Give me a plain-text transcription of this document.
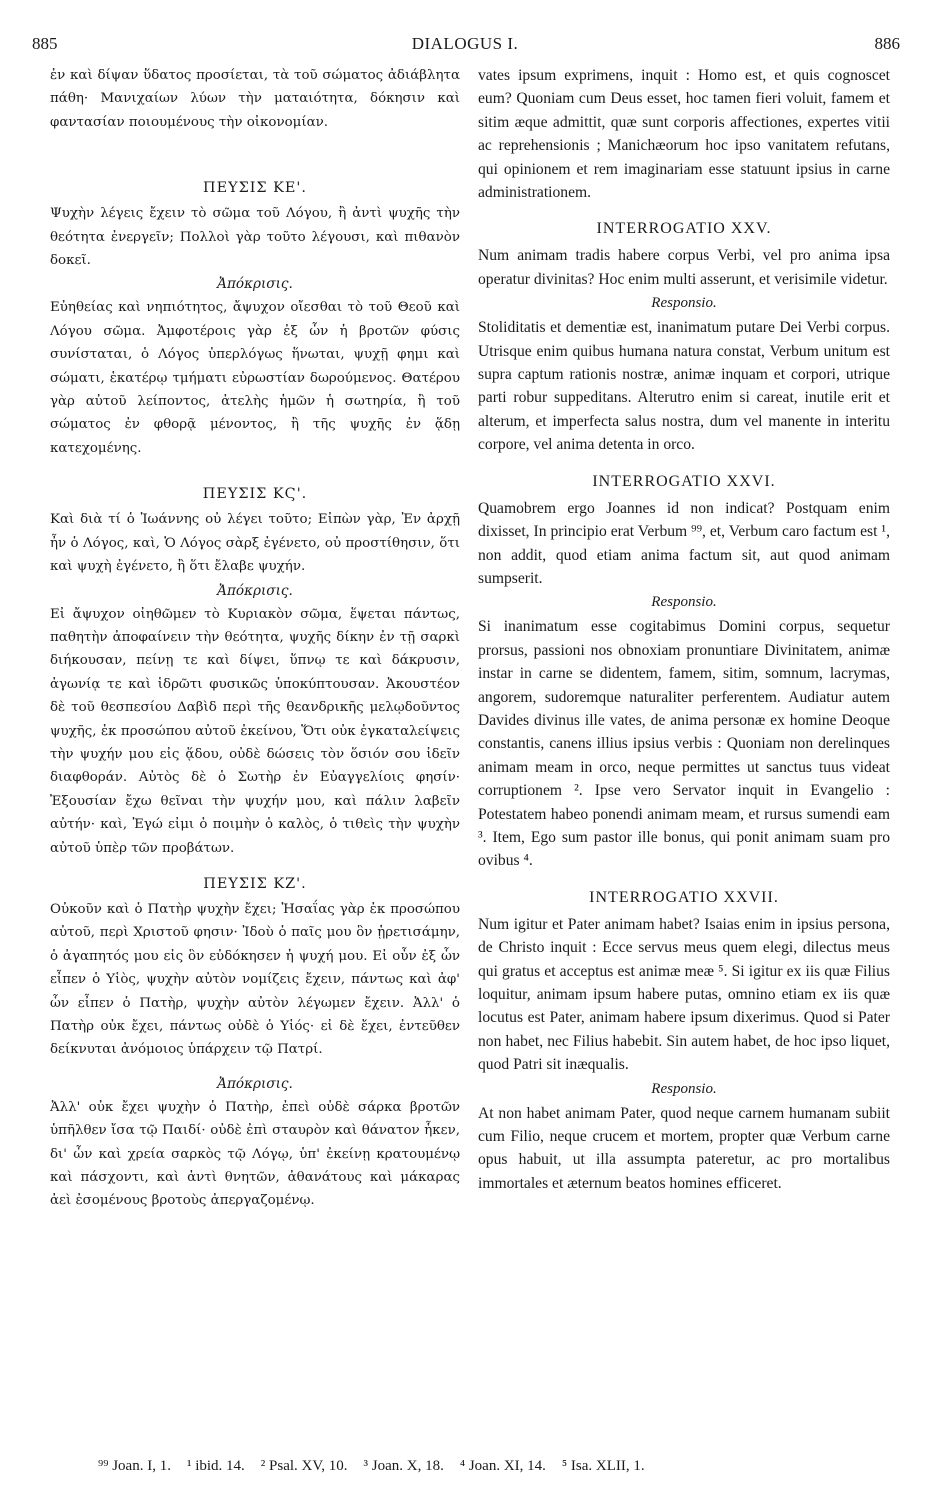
885	DIALOGUS I.	886

ἐν καὶ δίψαν ὕδατος προσίεται, τὰ τοῦ σώματος ἀδιάβλητα πάθη· Μανιχαίων λύων τὴν ματαιότητα, δόκησιν καὶ φαντασίαν ποιουμένους τὴν οἰκονομίαν.

ΠΕΥΣΙΣ ΚΕ'.

Ψυχὴν λέγεις ἔχειν τὸ σῶμα τοῦ Λόγου, ἢ ἀντὶ ψυχῆς τὴν θεότητα ἐνεργεῖν; Πολλοὶ γὰρ τοῦτο λέγουσι, καὶ πιθανὸν δοκεῖ.

Ἀπόκρισις.

Εὐηθείας καὶ νηπιότητος, ἄψυχον οἴεσθαι τὸ τοῦ Θεοῦ καὶ Λόγου σῶμα. Ἀμφοτέροις γὰρ ἐξ ὧν ἡ βροτῶν φύσις συνίσταται, ὁ Λόγος ὑπερλόγως ἥνωται, ψυχῇ φημι καὶ σώματι, ἑκατέρῳ τμήματι εὐρωστίαν δωρούμενος. Θατέρου γὰρ αὐτοῦ λείποντος, ἀτελὴς ἡμῶν ἡ σωτηρία, ἢ τοῦ σώματος ἐν φθορᾷ μένοντος, ἢ τῆς ψυχῆς ἐν ᾅδῃ κατεχομένης.

ΠΕΥΣΙΣ ΚϚ'.

Καὶ διὰ τί ὁ Ἰωάννης οὐ λέγει τοῦτο; Εἰπὼν γὰρ, Ἐν ἀρχῇ ἦν ὁ Λόγος, καὶ, Ὁ Λόγος σὰρξ ἐγένετο, οὐ προστίθησιν, ὅτι καὶ ψυχὴ ἐγένετο, ἢ ὅτι ἔλαβε ψυχήν.

Ἀπόκρισις.

Εἰ ἄψυχον οἰηθῶμεν τὸ Κυριακὸν σῶμα, ἕψεται πάντως, παθητὴν ἀποφαίνειν τὴν θεότητα, ψυχῆς δίκην ἐν τῇ σαρκὶ διήκουσαν, πείνῃ τε καὶ δίψει, ὕπνῳ τε καὶ δάκρυσιν, ἀγωνίᾳ τε καὶ ἱδρῶτι φυσικῶς ὑποκύπτουσαν. Ἀκουστέον δὲ τοῦ θεσπεσίου Δαβὶδ περὶ τῆς θεανδρικῆς μελῳδοῦντος ψυχῆς, ἐκ προσώπου αὐτοῦ ἐκείνου, Ὅτι οὐκ ἐγκαταλείψεις τὴν ψυχήν μου εἰς ᾅδου, οὐδὲ δώσεις τὸν ὅσιόν σου ἰδεῖν διαφθοράν. Αὐτὸς δὲ ὁ Σωτὴρ ἐν Εὐαγγελίοις φησίν· Ἐξουσίαν ἔχω θεῖναι τὴν ψυχήν μου, καὶ πάλιν λαβεῖν αὐτήν· καὶ, Ἐγώ εἰμι ὁ ποιμὴν ὁ καλὸς, ὁ τιθεὶς τὴν ψυχὴν αὐτοῦ ὑπὲρ τῶν προβάτων.

ΠΕΥΣΙΣ ΚΖ'.

Οὐκοῦν καὶ ὁ Πατὴρ ψυχὴν ἔχει; Ἡσαΐας γὰρ ἐκ προσώπου αὐτοῦ, περὶ Χριστοῦ φησιν· Ἰδοὺ ὁ παῖς μου ὃν ᾑρετισάμην, ὁ ἀγαπητός μου εἰς ὃν εὐδόκησεν ἡ ψυχή μου. Εἰ οὖν ἐξ ὧν εἶπεν ὁ Υἱὸς, ψυχὴν αὐτὸν νομίζεις ἔχειν, πάντως καὶ ἀφ' ὧν εἶπεν ὁ Πατὴρ, ψυχὴν αὐτὸν λέγωμεν ἔχειν. Ἀλλ' ὁ Πατὴρ οὐκ ἔχει, πάντως οὐδὲ ὁ Υἱός· εἰ δὲ ἔχει, ἐντεῦθεν δείκνυται ἀνόμοιος ὑπάρχειν τῷ Πατρί.

Ἀπόκρισις.

Ἀλλ' οὐκ ἔχει ψυχὴν ὁ Πατὴρ, ἐπεὶ οὐδὲ σάρκα βροτῶν ὑπῆλθεν ἴσα τῷ Παιδί· οὐδὲ ἐπὶ σταυρὸν καὶ θάνατον ἧκεν, δι' ὧν καὶ χρεία σαρκὸς τῷ Λόγῳ, ὑπ' ἐκείνῃ κρατουμένῳ καὶ πάσχοντι, καὶ ἀντὶ θνητῶν, ἀθανάτους καὶ μάκαρας ἀεὶ ἐσομένους βροτοὺς ἀπεργαζομένῳ.

vates ipsum exprimens, inquit : Homo est, et quis cognoscet eum? Quoniam cum Deus esset, hoc tamen fieri voluit, famem et sitim æque admittit, quæ sunt corporis affectiones, expertes vitii ac reprehensionis ; Manichæorum hoc ipso vanitatem refutans, qui opinionem et rem imaginariam esse statuunt ipsius in carne administrationem.

INTERROGATIO XXV.

Num animam tradis habere corpus Verbi, vel pro anima ipsa operatur divinitas? Hoc enim multi asserunt, et verisimile videtur.

Responsio.

Stoliditatis et dementiæ est, inanimatum putare Dei Verbi corpus. Utrisque enim quibus humana natura constat, Verbum unitum est supra captum rationis nostræ, animæ inquam et corpori, utrique parti robur suppeditans. Alterutro enim si careat, inutile erit et alterum, et imperfecta salus nostra, dum vel manente in interitu corpore, vel anima detenta in orco.

INTERROGATIO XXVI.

Quamobrem ergo Joannes id non indicat? Postquam enim dixisset, In principio erat Verbum ⁹⁹, et, Verbum caro factum est ¹, non addit, quod etiam anima factum sit, aut quod animam sumpserit.

Responsio.

Si inanimatum esse cogitabimus Domini corpus, sequetur prorsus, passioni nos obnoxiam pronuntiare Divinitatem, animæ instar in carne se didentem, famem, sitim, somnum, lacrymas, angorem, sudoremque naturaliter perferentem. Audiatur autem Davides divinus ille vates, de anima personæ ex homine Deoque constantis, canens illius ipsius verbis : Quoniam non derelinques animam meam in orco, neque permittes ut sanctus tuus videat corruptionem ². Ipse vero Servator inquit in Evangelio : Potestatem habeo ponendi animam meam, et rursus sumendi eam ³. Item, Ego sum pastor ille bonus, qui ponit animam suam pro ovibus ⁴.

INTERROGATIO XXVII.

Num igitur et Pater animam habet? Isaias enim in ipsius persona, de Christo inquit : Ecce servus meus quem elegi, dilectus meus qui gratus et acceptus est animæ meæ ⁵. Si igitur ex iis quæ Filius loquitur, animam ipsum habere putas, omnino etiam ex iis quæ locutus est Pater, animam habere ipsum dixerimus. Quod si Pater non habet, nec Filius habebit. Sin autem habet, de hoc ipso liquet, quod Patri sit inæqualis.

Responsio.

At non habet animam Pater, quod neque carnem humanam subiit cum Filio, neque crucem et mortem, propter quæ Verbum carne opus habuit, ut illa assumpta pateretur, ac pro mortalibus immortales et æternum beatos homines efficeret.

⁹⁹ Joan. I, 1. ¹ ibid. 14. ² Psal. XV, 10. ³ Joan. X, 18. ⁴ Joan. XI, 14. ⁵ Isa. XLII, 1.
